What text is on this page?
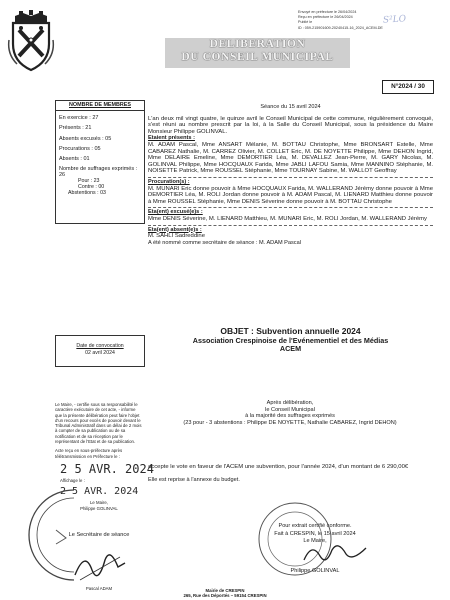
Envoyé en préfecture le 26/04/2024
Reçu en préfecture le 26/04/2024
Publié le
ID : 059-215901609-20240415-16_2024_ACEM-DE
S²LO
DELIBERATION
DU CONSEIL MUNICIPAL
N°2024 / 30
NOMBRE DE MEMBRES
En exercice : 27
Présents : 21
Absents excusés : 05
Procurations : 05
Absents : 01
Nombre de suffrages exprimés : 26
Pour : 23
Contre : 00
Abstentions : 03
Séance du 15 avril 2024
L'an deux mil vingt quatre, le quinze avril le Conseil Municipal de cette commune, régulièrement convoqué, s'est réuni au nombre prescrit par la loi, à la Salle du Conseil Municipal, sous la présidence du Maire Monsieur Philippe GOLINVAL.
Etaient présents :
M. ADAM Pascal, Mme ANSART Mélanie, M. BOTTAU Christophe, Mme BRONSART Estelle, Mme CABAREZ Nathalie, M. CARREZ Olivier, M. COLLET Eric, M. DE NOYETTE Philippe, Mme DEHON Ingrid, Mme DELAIRE Emeline, Mme DEMORTIER Léa, M. DEVALLEZ Jean-Pierre, M. GARY Nicolas, M. GOLINVAL Philippe, Mme HOCQUAUX Farida, Mme JABLI LAFOU Samia, Mme MANNINO Stéphanie, M. NOISETTE Patrick, Mme ROUSSEL Stéphanie, Mme TOURNAY Sabine, M. WALLOT Geoffray
Procuration(s) :
M. MUNARI Eric donne pouvoir à Mme HOCQUAUX Farida, M. WALLERAND Jérémy donne pouvoir à Mme DEMORTIER Léa, M. ROLI Jordan donne pouvoir à M. ADAM Pascal, M. LIENARD Matthieu donne pouvoir à Mme ROUSSEL Stéphanie, Mme DENIS Séverine donne pouvoir à M. BOTTAU Christophe
Eta(ent) excusé(e)s :
Mme DENIS Séverine, M. LIENARD Matthieu, M. MUNARI Eric, M. ROLI Jordan, M. WALLERAND Jérémy
Eta(ent) absent(e)s :
M. SAHLI Sadreddine
A été nommé comme secrétaire de séance : M. ADAM Pascal
Date de convocation
02 avril 2024
OBJET : Subvention annuelle 2024
Association Crespinoise de l'Evénementiel et des Médias
ACEM
Le Maire, - certifie sous sa responsabilité le caractère exécutoire de cet acte, - informe que la présente délibération peut faire l'objet d'un recours pour excès de pouvoir devant le Tribunal Administratif dans un délai de 2 mois à compter de sa publication ou de sa notification et de sa réception par le représentant de l'Etat et de sa publication.
Acte reçu en sous-préfecture après télétransmission en Préfecture le :
2 5 AVR. 2024
Affichage le :
2 5 AVR. 2024
Le Maire,
Philippe GOLINVAL
Le Secrétaire de séance
Pascal ADAM
Après délibération,
le Conseil Municipal
à la majorité des suffrages exprimés
(23 pour - 3 abstentions : Philippe DE NOYETTE, Nathalie CABAREZ, Ingrid DEHON)
accepte le vote en faveur de l'ACEM une subvention, pour l'année 2024, d'un montant de 6 290,00€
Elle est reprise à l'annexe du budget.
Pour extrait certifié conforme.
Fait à CRESPIN, le 15 avril 2024
Le Maire,
Philippe GOLINVAL
Mairie de CRESPIN
265, Rue des Déportés – 59154 CRESPIN
